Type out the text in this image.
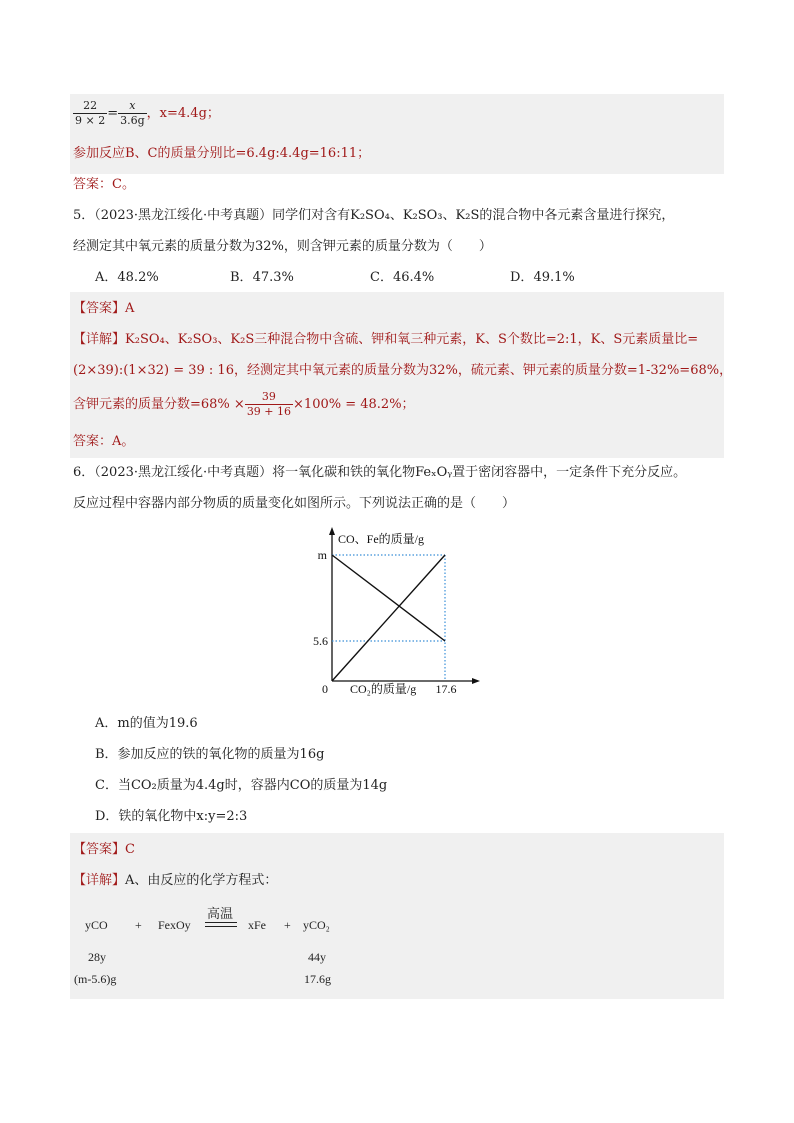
$\frac{22}{9 \times 2} = \frac{x}{3.6g}$ ，x=4.4g；
参加反应B、C的质量分别比=6.4g:4.4g=16:11；
答案：C。
5．（2023·黑龙江绥化·中考真题）同学们对含有K₂SO₄、K₂SO₃、K₂S的混合物中各元素含量进行探究，
经测定其中氧元素的质量分数为32%，则含钾元素的质量分数为（　　）
A．48.2%	B．47.3%	C．46.4%	D．49.1%
【答案】A
【详解】K₂SO₄、K₂SO₃、K₂S三种混合物中含硫、钾和氧三种元素，K、S个数比=2:1，K、S元素质量比=
(2×39):(1×32) = 39 : 16，经测定其中氧元素的质量分数为32%，硫元素、钾元素的质量分数=1-32%=68%，
含钾元素的质量分数$=68\% \times \frac{39}{39 + 16} \times 100\% = 48.2\%$；
答案：A。
6．（2023·黑龙江绥化·中考真题）将一氧化碳和铁的氧化物FeₓOᵧ置于密闭容器中，一定条件下充分反应。
反应过程中容器内部分物质的质量变化如图所示。下列说法正确的是（　　）
CO、Fe的质量/g
m
5.6
0 CO₂的质量/g 17.6
A．m的值为19.6
B．参加反应的铁的氧化物的质量为16g
C．当CO₂质量为4.4g时，容器内CO的质量为14g
D．铁的氧化物中x:y=2:3
【答案】C
【详解】A、由反应的化学方程式：
yCO + FexOy
高温
xFe + yCO₂
28y	44y
(m-5.6)g	17.6g
